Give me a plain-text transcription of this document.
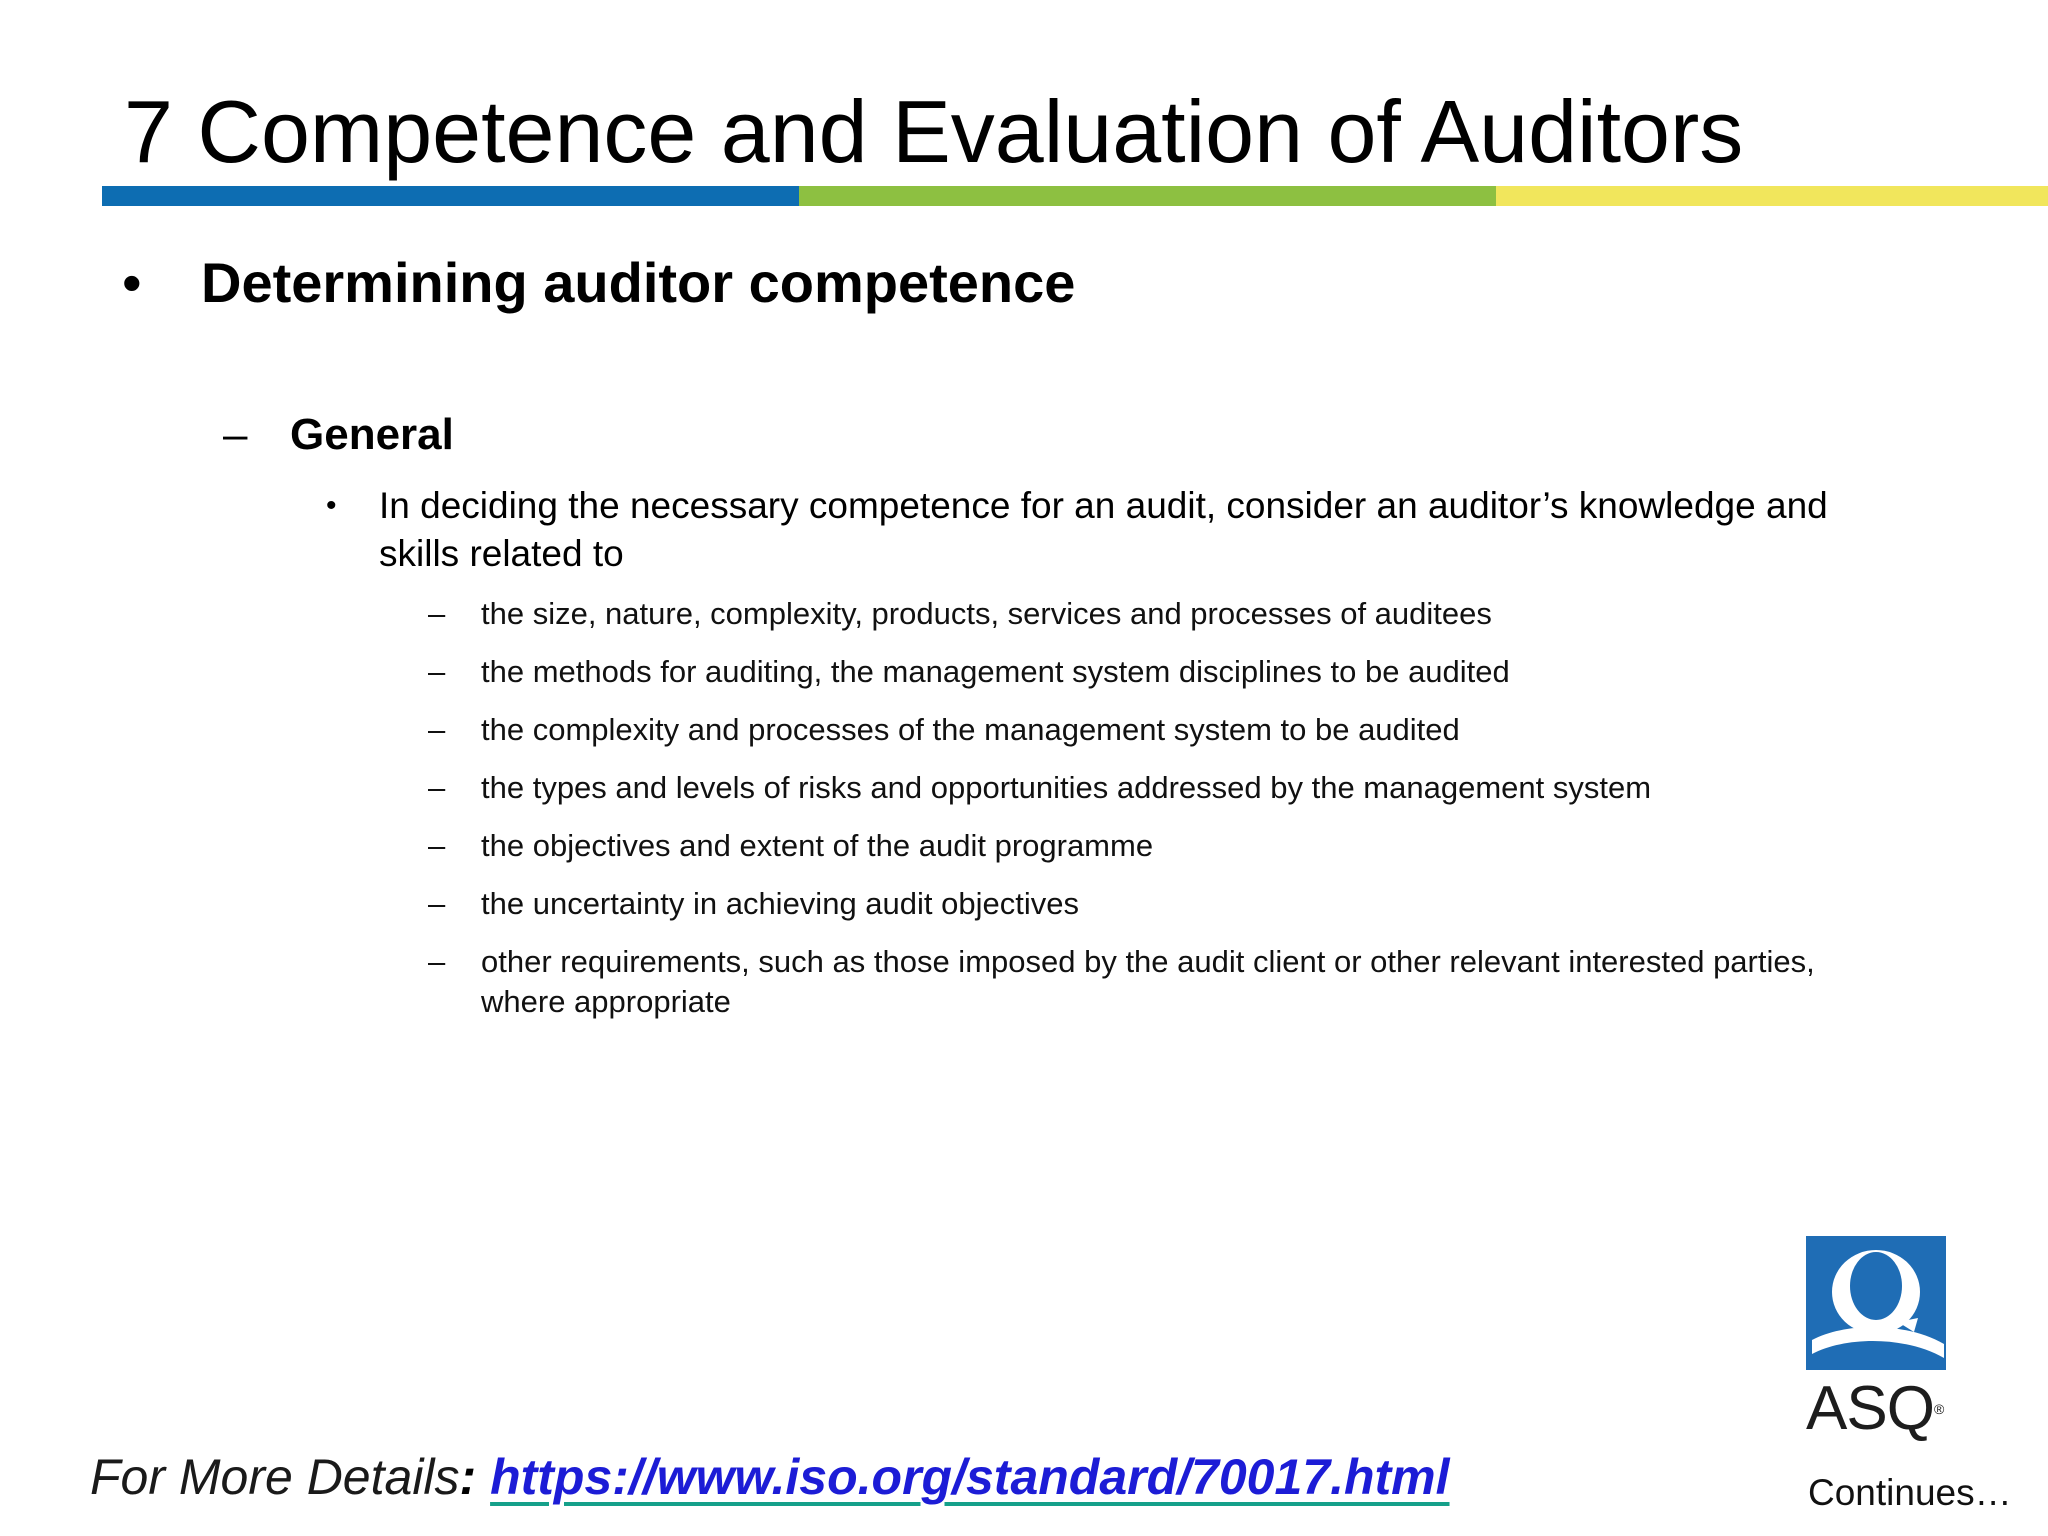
7 Competence and Evaluation of Auditors
• Determining auditor competence
– General
• In deciding the necessary competence for an audit, consider an auditor’s knowledge and skills related to
– the size, nature, complexity, products, services and processes of auditees
– the methods for auditing, the management system disciplines to be audited
– the complexity and processes of the management system to be audited
– the types and levels of risks and opportunities addressed by the management system
– the objectives and extent of the audit programme
– the uncertainty in achieving audit objectives
– other requirements, such as those imposed by the audit client or other relevant interested parties, where appropriate
For More Details: https://www.iso.org/standard/70017.html
ASQ®
Continues…
